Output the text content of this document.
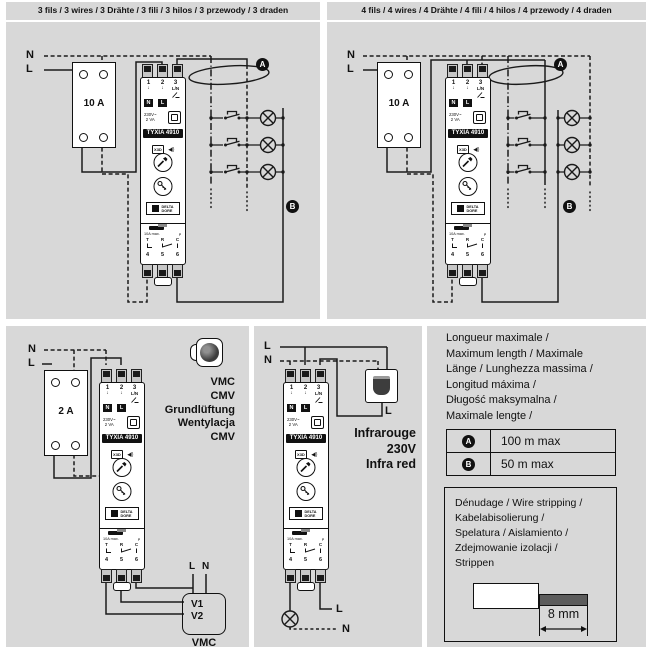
3 fils / 3 wires / 3 Drähte / 3 fili / 3 hilos / 3 przewody / 3 draden
N
L
10 A
A
B
1
↓
N
2
↓
L
3
L/N
230V~
2 VA
TYXIA 4910
X3D ◀))
DELTA
DORE
10A max.	µ
T	R	C
4	5	6
4 fils / 4 wires / 4 Drähte / 4 fili / 4 hilos / 4 przewody / 4 draden
N
L
10 A
A
B
1
↓
N
2
↓
L
3
L/N
230V~
2 VA
TYXIA 4910
X3D ◀))
DELTA
DORE
10A max.	µ
T	R	C
4	5	6
N
L
2 A
VMC
CMV
Grundlüftung
Wentylacja
CMV
L N
V1
V2
VMC
1
↓
N
2
↓
L
3
L/N
230V~
2 VA
TYXIA 4910
X3D ◀))
DELTA
DORE
10A max.	µ
T	R	C
4	5	6
L
N
L
Infrarouge
230V
Infra red
L
N
1
↓
N
2
↓
L
3
L/N
230V~
2 VA
TYXIA 4910
X3D ◀))
DELTA
DORE
10A max.	µ
T	R	C
4	5	6
Longueur maximale /
Maximum length / Maximale
Länge / Lunghezza massima /
Longitud máxima /
Długość maksymalna /
Maximale lengte /
A	100 m max
B	50 m max
Dénudage / Wire stripping /
Kabelabisolierung /
Spelatura / Aislamiento /
Zdejmowanie izolacji /
Strippen
8 mm
